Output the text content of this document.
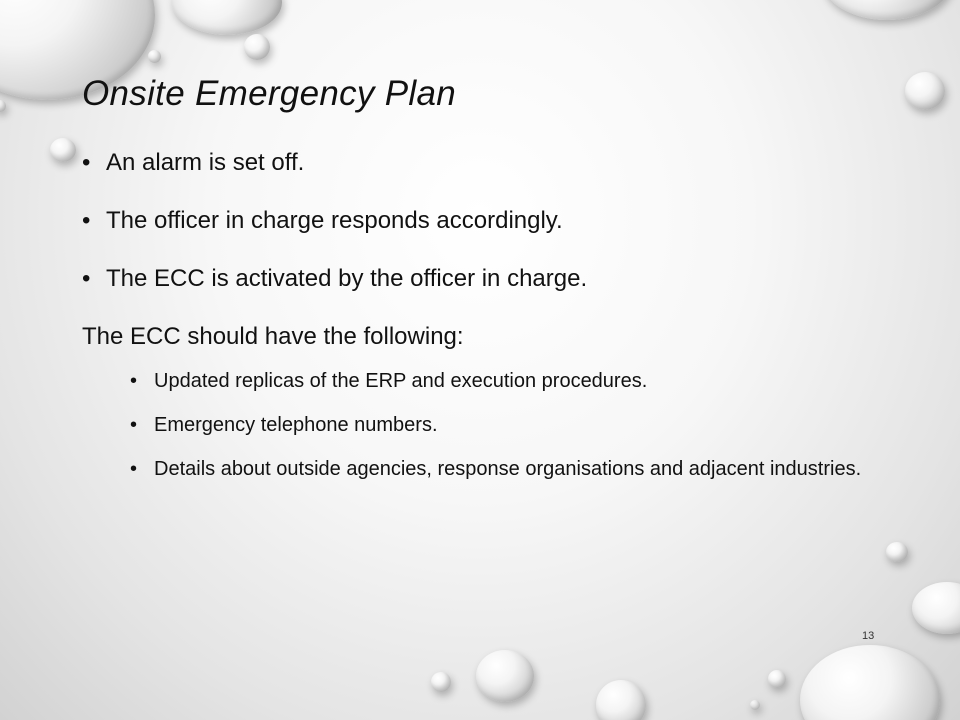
Onsite Emergency Plan
• An alarm is set off.
• The officer in charge responds accordingly.
• The ECC is activated by the officer in charge.
The ECC should have the following:
• Updated replicas of the ERP and execution procedures.
• Emergency telephone numbers.
• Details about outside agencies, response organisations and adjacent industries.
13
